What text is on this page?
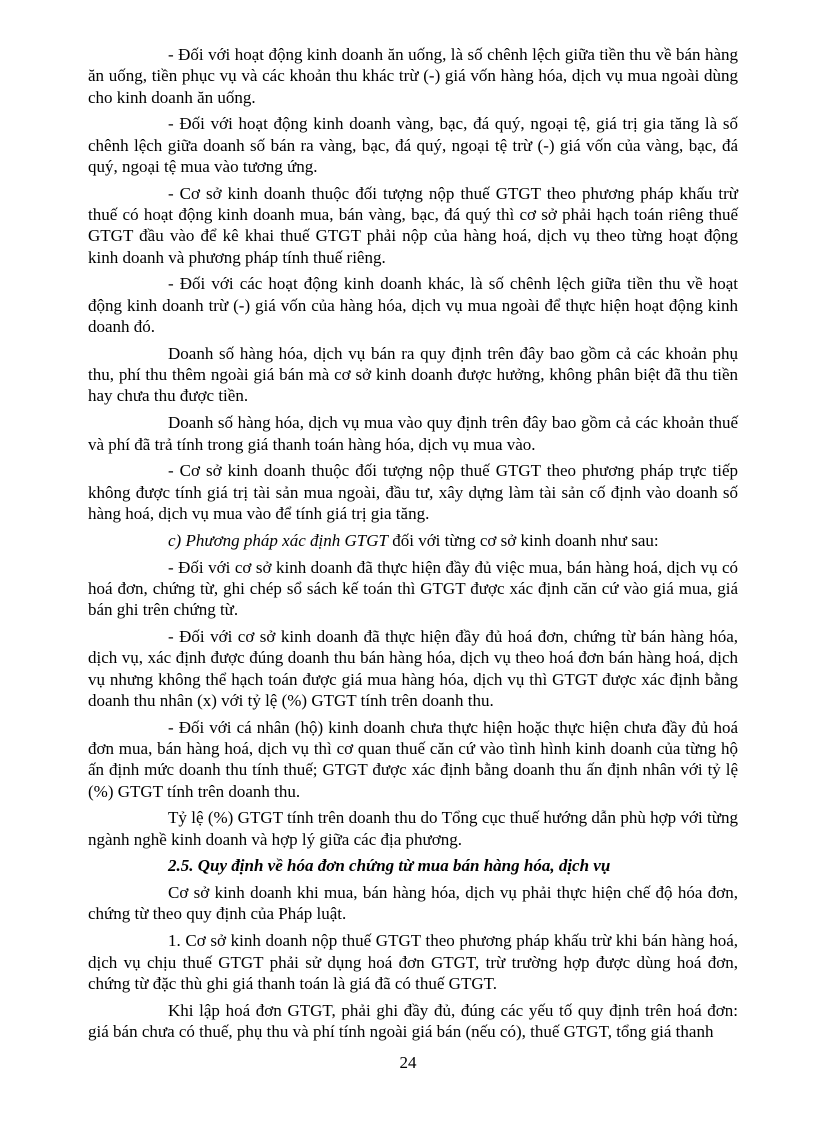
- Đối với hoạt động kinh doanh ăn uống, là số chênh lệch giữa tiền thu về bán hàng ăn uống, tiền phục vụ và các khoản thu khác trừ (-) giá vốn hàng hóa, dịch vụ mua ngoài dùng cho kinh doanh ăn uống.

- Đối với hoạt động kinh doanh vàng, bạc, đá quý, ngoại tệ, giá trị gia tăng là số chênh lệch giữa doanh số bán ra vàng, bạc, đá quý, ngoại tệ trừ (-) giá vốn của vàng, bạc, đá quý, ngoại tệ mua vào tương ứng.

- Cơ sở kinh doanh thuộc đối tượng nộp thuế GTGT theo phương pháp khấu trừ thuế có hoạt động kinh doanh mua, bán vàng, bạc, đá quý thì cơ sở phải hạch toán riêng thuế GTGT đầu vào để kê khai thuế GTGT phải nộp của hàng hoá, dịch vụ theo từng hoạt động kinh doanh và phương pháp tính thuế riêng.

- Đối với các hoạt động kinh doanh khác, là số chênh lệch giữa tiền thu về hoạt động kinh doanh trừ (-) giá vốn của hàng hóa, dịch vụ mua ngoài để thực hiện hoạt động kinh doanh đó.

Doanh số hàng hóa, dịch vụ bán ra quy định trên đây bao gồm cả các khoản phụ thu, phí thu thêm ngoài giá bán mà cơ sở kinh doanh được hưởng, không phân biệt đã thu tiền hay chưa thu được tiền.

Doanh số hàng hóa, dịch vụ mua vào quy định trên đây bao gồm cả các khoản thuế và phí đã trả tính trong giá thanh toán hàng hóa, dịch vụ mua vào.

- Cơ sở kinh doanh thuộc đối tượng nộp thuế GTGT theo phương pháp trực tiếp không được tính giá trị tài sản mua ngoài, đầu tư, xây dựng làm tài sản cố định vào doanh số hàng hoá, dịch vụ mua vào để tính giá trị gia tăng.

c) Phương pháp xác định GTGT đối với từng cơ sở kinh doanh như sau:

- Đối với cơ sở kinh doanh đã thực hiện đầy đủ việc mua, bán hàng hoá, dịch vụ có hoá đơn, chứng từ, ghi chép sổ sách kế toán thì GTGT được xác định căn cứ vào giá mua, giá bán ghi trên chứng từ.

- Đối với cơ sở kinh doanh đã thực hiện đầy đủ hoá đơn, chứng từ bán hàng hóa, dịch vụ, xác định được đúng doanh thu bán hàng hóa, dịch vụ theo hoá đơn bán hàng hoá, dịch vụ nhưng không thể hạch toán được giá mua hàng hóa, dịch vụ thì GTGT được xác định bằng doanh thu nhân (x) với tỷ lệ (%) GTGT tính trên doanh thu.

- Đối với cá nhân (hộ) kinh doanh chưa thực hiện hoặc thực hiện chưa đầy đủ hoá đơn mua, bán hàng hoá, dịch vụ thì cơ quan thuế căn cứ vào tình hình kinh doanh của từng hộ ấn định mức doanh thu tính thuế; GTGT được xác định bằng doanh thu ấn định nhân với tỷ lệ (%) GTGT tính trên doanh thu.

Tỷ lệ (%) GTGT tính trên doanh thu do Tổng cục thuế hướng dẫn phù hợp với từng ngành nghề kinh doanh và hợp lý giữa các địa phương.

2.5. Quy định về hóa đơn chứng từ mua bán hàng hóa, dịch vụ

Cơ sở kinh doanh khi mua, bán hàng hóa, dịch vụ phải thực hiện chế độ hóa đơn, chứng từ theo quy định của Pháp luật.

1. Cơ sở kinh doanh nộp thuế GTGT theo phương pháp khấu trừ khi bán hàng hoá, dịch vụ chịu thuế GTGT phải sử dụng hoá đơn GTGT, trừ trường hợp được dùng hoá đơn, chứng từ đặc thù ghi giá thanh toán là giá đã có thuế GTGT.

Khi lập hoá đơn GTGT, phải ghi đầy đủ, đúng các yếu tố quy định trên hoá đơn: giá bán chưa có thuế, phụ thu và phí tính ngoài giá bán (nếu có), thuế GTGT, tổng giá thanh

24
